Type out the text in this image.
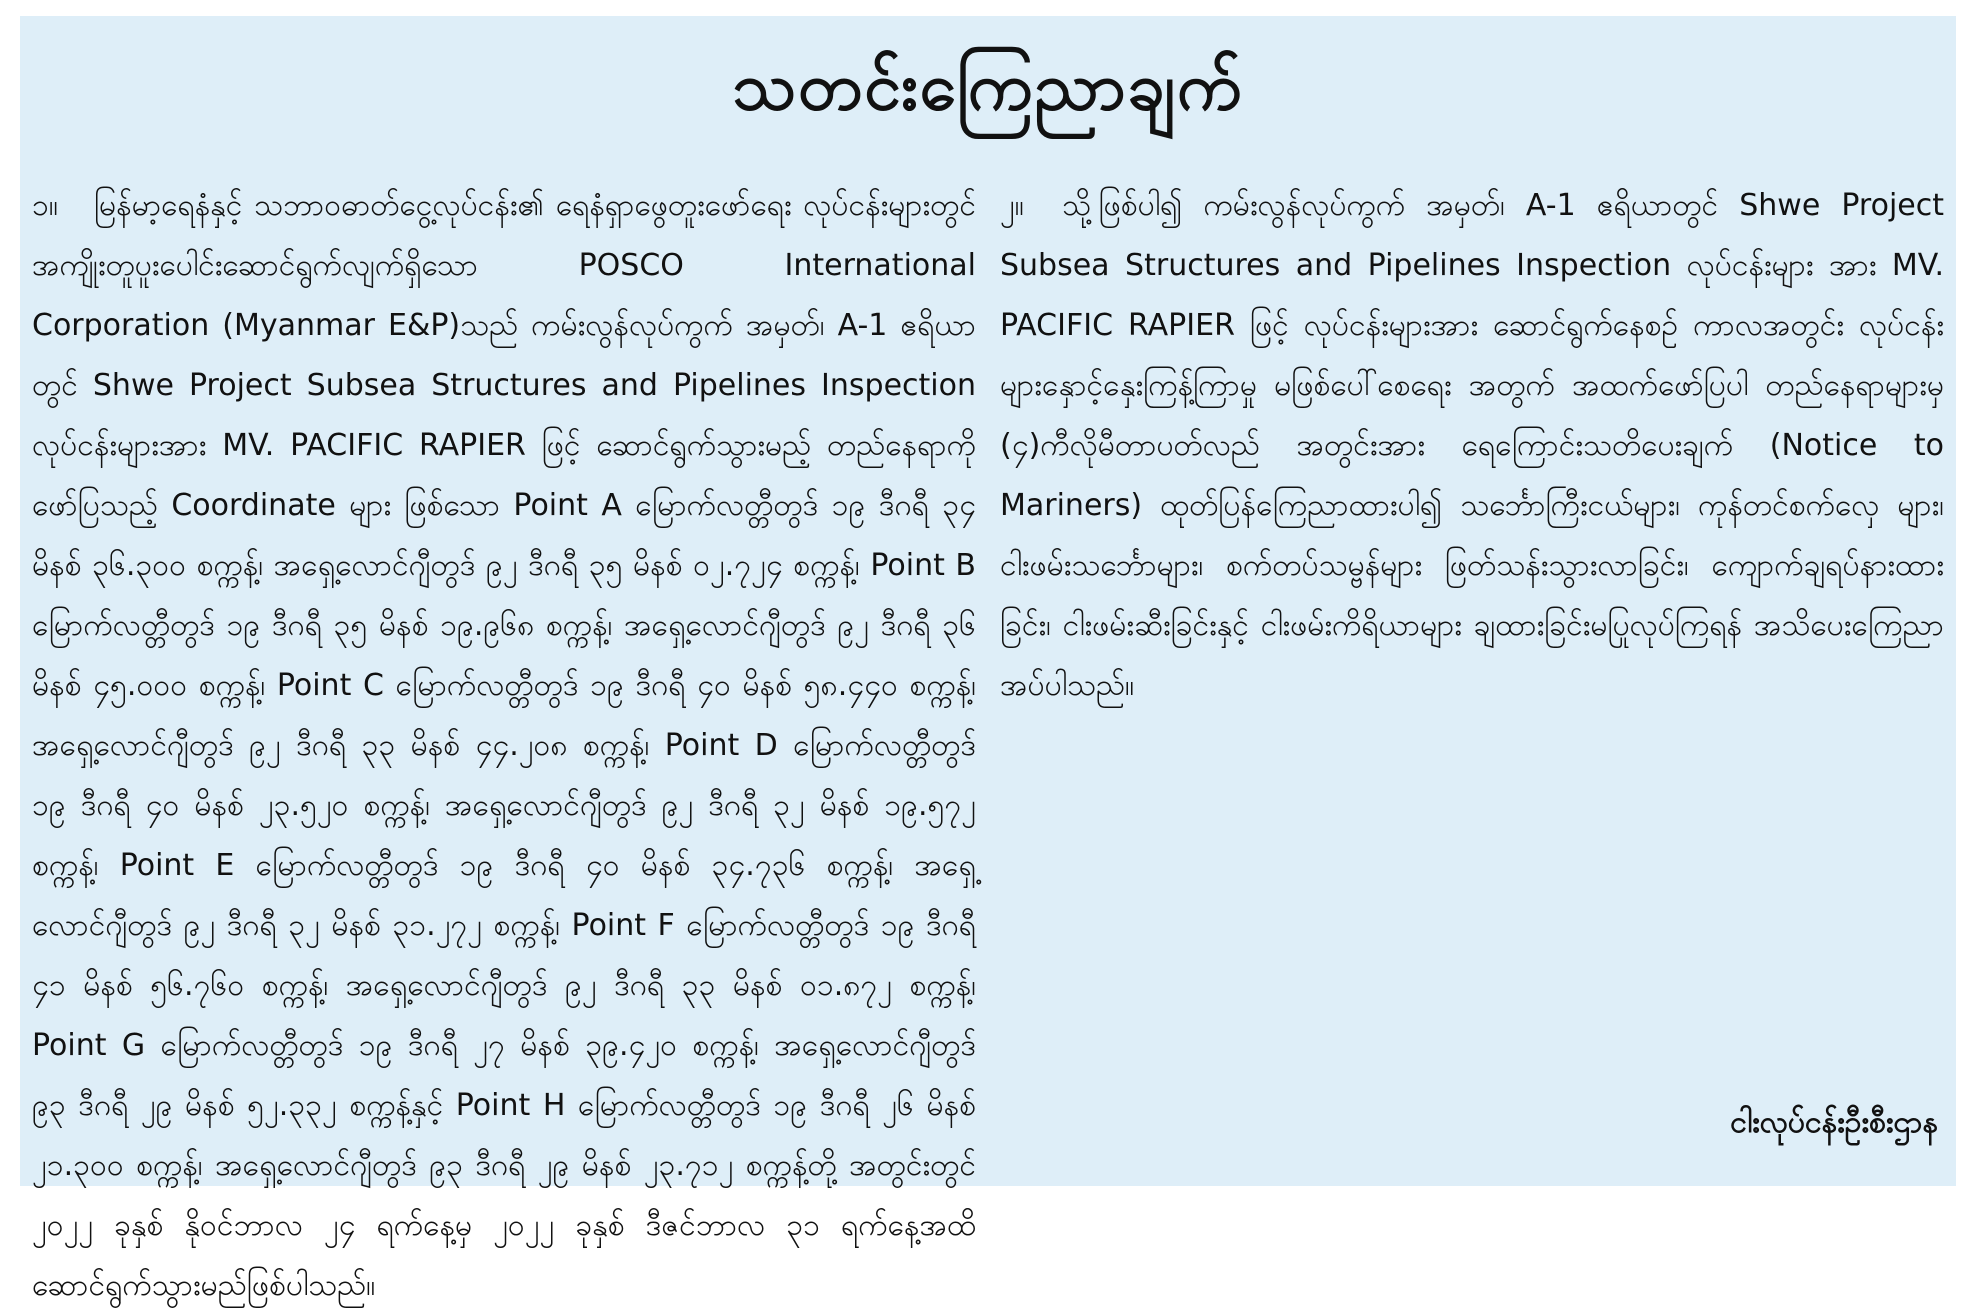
သတင်းကြေညာချက်

၁။ မြန်မာ့ရေနံနှင့် သဘာဝဓာတ်ငွေ့လုပ်ငန်း၏ ရေနံရှာဖွေတူးဖော်ရေး လုပ်ငန်းများတွင် အကျိုးတူပူးပေါင်းဆောင်ရွက်လျက်ရှိသော POSCO International Corporation (Myanmar E&P)သည် ကမ်းလွန်လုပ်ကွက် အမှတ်၊ A-1 ဧရိယာတွင် Shwe Project Subsea Structures and Pipelines Inspection လုပ်ငန်းများအား MV. PACIFIC RAPIER ဖြင့် ဆောင်ရွက်သွားမည့် တည်နေရာကိုဖော်ပြသည့် Coordinate များ ဖြစ်သော Point A မြောက်လတ္တီတွဒ် ၁၉ ဒီဂရီ ၃၄ မိနစ် ၃၆.၃၀၀ စက္ကန့်၊ အရှေ့လောင်ဂျီတွဒ် ၉၂ ဒီဂရီ ၃၅ မိနစ် ၀၂.၇၂၄ စက္ကန့်၊ Point B မြောက်လတ္တီတွဒ် ၁၉ ဒီဂရီ ၃၅ မိနစ် ၁၉.၉၆၈ စက္ကန့်၊ အရှေ့လောင်ဂျီတွဒ် ၉၂ ဒီဂရီ ၃၆ မိနစ် ၄၅.၀၀၀ စက္ကန့်၊ Point C မြောက်လတ္တီတွဒ် ၁၉ ဒီဂရီ ၄၀ မိနစ် ၅၈.၄၄၀ စက္ကန့်၊ အရှေ့လောင်ဂျီတွဒ် ၉၂ ဒီဂရီ ၃၃ မိနစ် ၄၄.၂၀၈ စက္ကန့်၊ Point D မြောက်လတ္တီတွဒ် ၁၉ ဒီဂရီ ၄၀ မိနစ် ၂၃.၅၂၀ စက္ကန့်၊ အရှေ့လောင်ဂျီတွဒ် ၉၂ ဒီဂရီ ၃၂ မိနစ် ၁၉.၅၇၂ စက္ကန့်၊ Point E မြောက်လတ္တီတွဒ် ၁၉ ဒီဂရီ ၄၀ မိနစ် ၃၄.၇၃၆ စက္ကန့်၊ အရှေ့လောင်ဂျီတွဒ် ၉၂ ဒီဂရီ ၃၂ မိနစ် ၃၁.၂၇၂ စက္ကန့်၊ Point F မြောက်လတ္တီတွဒ် ၁၉ ဒီဂရီ ၄၁ မိနစ် ၅၆.၇၆၀ စက္ကန့်၊ အရှေ့လောင်ဂျီတွဒ် ၉၂ ဒီဂရီ ၃၃ မိနစ် ၀၁.၈၇၂ စက္ကန့်၊ Point G မြောက်လတ္တီတွဒ် ၁၉ ဒီဂရီ ၂၇ မိနစ် ၃၉.၄၂၀ စက္ကန့်၊ အရှေ့လောင်ဂျီတွဒ် ၉၃ ဒီဂရီ ၂၉ မိနစ် ၅၂.၃၃၂ စက္ကန့်နှင့် Point H မြောက်လတ္တီတွဒ် ၁၉ ဒီဂရီ ၂၆ မိနစ် ၂၁.၃၀၀ စက္ကန့်၊ အရှေ့လောင်ဂျီတွဒ် ၉၃ ဒီဂရီ ၂၉ မိနစ် ၂၃.၇၁၂ စက္ကန့်တို့ အတွင်းတွင် ၂၀၂၂ ခုနှစ် နိုဝင်ဘာလ ၂၄ ရက်နေ့မှ ၂၀၂၂ ခုနှစ် ဒီဇင်ဘာလ ၃၁ ရက်နေ့အထိ ဆောင်ရွက်သွားမည်ဖြစ်ပါသည်။

၂။ သို့ဖြစ်ပါ၍ ကမ်းလွန်လုပ်ကွက် အမှတ်၊ A-1 ဧရိယာတွင် Shwe Project Subsea Structures and Pipelines Inspection လုပ်ငန်းများ အား MV. PACIFIC RAPIER ဖြင့် လုပ်ငန်းများအား ဆောင်ရွက်နေစဉ် ကာလအတွင်း လုပ်ငန်းများနှောင့်နှေးကြန့်ကြာမှု မဖြစ်ပေါ်စေရေး အတွက် အထက်ဖော်ပြပါ တည်နေရာများမှ (၄)ကီလိုမီတာပတ်လည် အတွင်းအား ရေကြောင်းသတိပေးချက် (Notice to Mariners) ထုတ်ပြန်ကြေညာထားပါ၍ သင်္ဘောကြီးငယ်များ၊ ကုန်တင်စက်လှေ များ၊ ငါးဖမ်းသင်္ဘောများ၊ စက်တပ်သမ္ဗန်များ ဖြတ်သန်းသွားလာခြင်း၊ ကျောက်ချရပ်နားထားခြင်း၊ ငါးဖမ်းဆီးခြင်းနှင့် ငါးဖမ်းကိရိယာများ ချထားခြင်းမပြုလုပ်ကြရန် အသိပေးကြေညာအပ်ပါသည်။

ငါးလုပ်ငန်းဦးစီးဌာန
